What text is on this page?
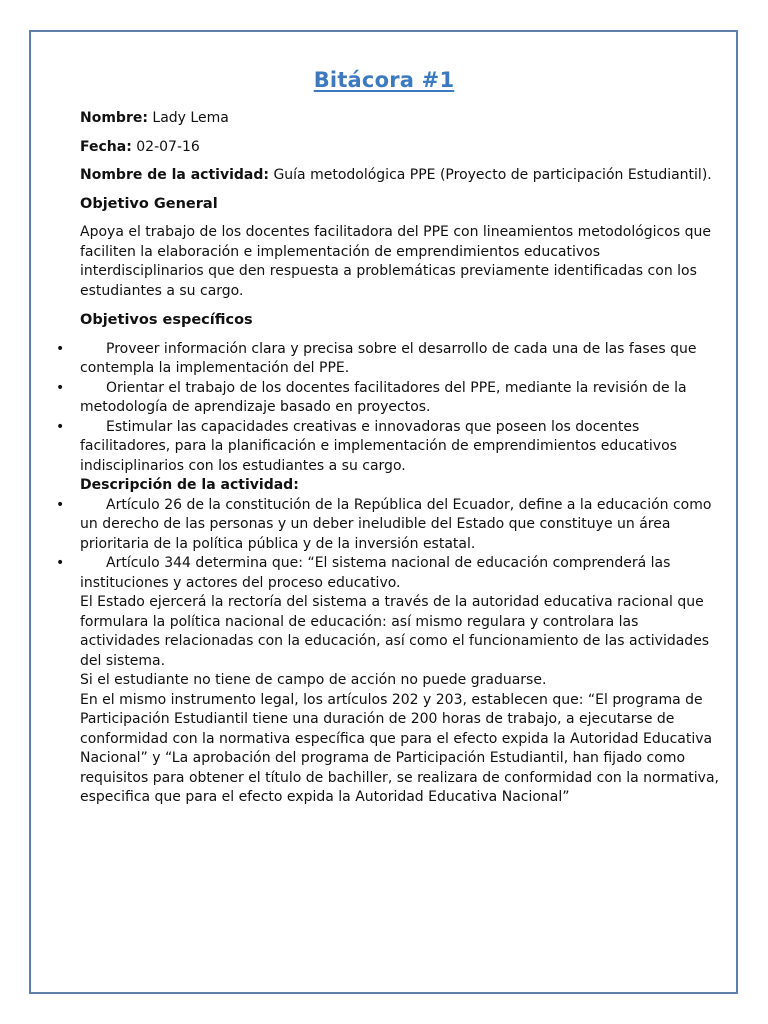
Bitácora #1

Nombre: Lady Lema

Fecha: 02-07-16

Nombre de la actividad: Guía metodológica PPE (Proyecto de participación Estudiantil).

Objetivo General

Apoya el trabajo de los docentes facilitadora del PPE con lineamientos metodológicos que faciliten la elaboración e implementación de emprendimientos educativos interdisciplinarios que den respuesta a problemáticas previamente identificadas con los estudiantes a su cargo.

Objetivos específicos

•	Proveer información clara y precisa sobre el desarrollo de cada una de las fases que contempla la implementación del PPE.
•	Orientar el trabajo de los docentes facilitadores del PPE, mediante la revisión de la metodología de aprendizaje basado en proyectos.
•	Estimular las capacidades creativas e innovadoras que poseen los docentes facilitadores, para la planificación e implementación de emprendimientos educativos indisciplinarios con los estudiantes a su cargo.

Descripción de la actividad:

•	Artículo 26 de la constitución de la República del Ecuador, define a la educación como un derecho de las personas y un deber ineludible del Estado que constituye un área prioritaria de la política pública y de la inversión estatal.
•	Artículo 344 determina que: “El sistema nacional de educación comprenderá las instituciones y actores del proceso educativo.

El Estado ejercerá la rectoría del sistema a través de la autoridad educativa racional que formulara la política nacional de educación: así mismo regulara y controlara las actividades relacionadas con la educación, así como el funcionamiento de las actividades del sistema.

Si el estudiante no tiene de campo de acción no puede graduarse.

En el mismo instrumento legal, los artículos 202 y 203, establecen que: “El programa de Participación Estudiantil tiene una duración de 200 horas de trabajo, a ejecutarse de conformidad con la normativa específica que para el efecto expida la Autoridad Educativa Nacional” y “La aprobación del programa de Participación Estudiantil, han fijado como requisitos para obtener el título de bachiller, se realizara de conformidad con la normativa, especifica que para el efecto expida la Autoridad Educativa Nacional”
